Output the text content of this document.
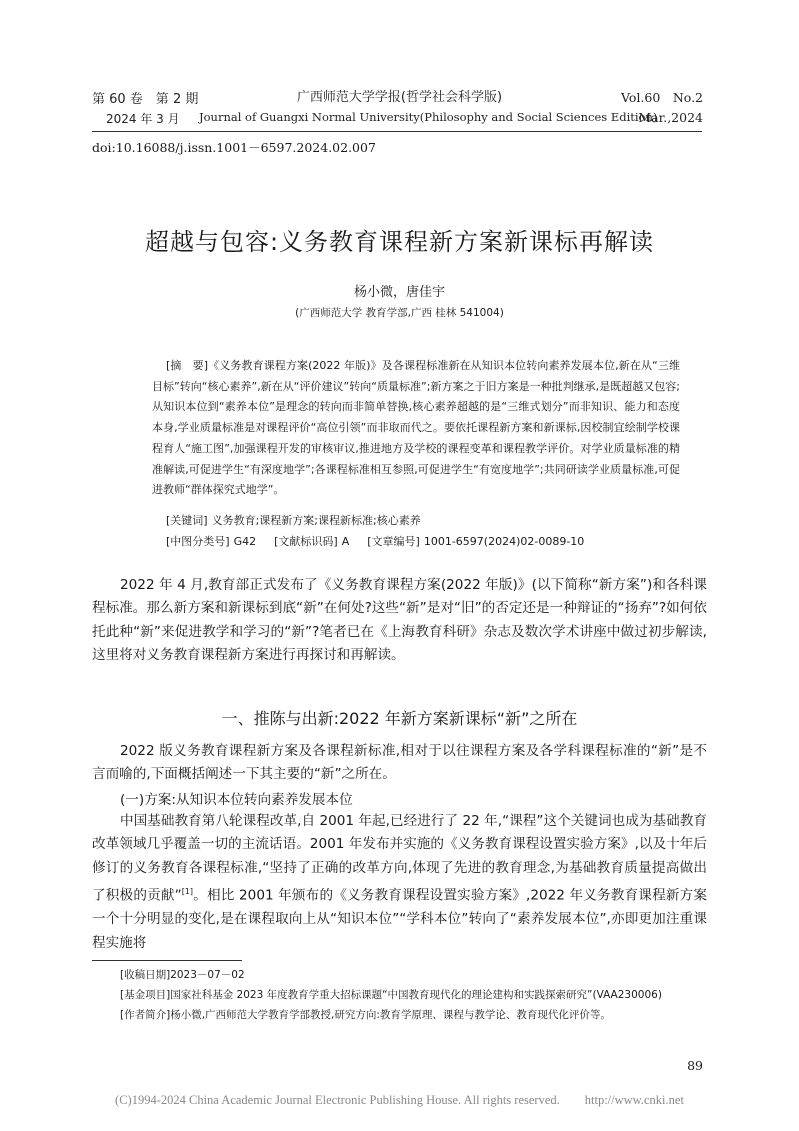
第 60 卷　第 2 期	广西师范大学学报(哲学社会科学版)	Vol.60　No.2
2024 年 3 月 Journal of Guangxi Normal University(Philosophy and Social Sciences Edition)
Mar.,2024
doi:10.16088/j.issn.1001－6597.2024.02.007
超越与包容:义务教育课程新方案新课标再解读
杨小微，唐佳宇
(广西师范大学 教育学部,广西 桂林 541004)

[摘　要]《义务教育课程方案(2022 年版)》及各课程标准新在从知识本位转向素养发展本位,新在从“三维目标”转向“核心素养”,新在从“评价建议”转向“质量标准”;新方案之于旧方案是一种批判继承,是既超越又包容;从知识本位到“素养本位”是理念的转向而非简单替换,核心素养超越的是“三维式划分”而非知识、能力和态度本身,学业质量标准是对课程评价“高位引领”而非取而代之。要依托课程新方案和新课标,因校制宜绘制学校课程育人“施工图”,加强课程开发的审核审议,推进地方及学校的课程变革和课程教学评价。对学业质量标准的精准解读,可促进学生“有深度地学”;各课程标准相互参照,可促进学生“有宽度地学”;共同研读学业质量标准,可促进教师“群体探究式地学”。

[关键词] 义务教育;课程新方案;课程新标准;核心素养
[中图分类号] G42 [文献标识码] A [文章编号] 1001-6597(2024)02-0089-10

2022 年 4 月,教育部正式发布了《义务教育课程方案(2022 年版)》(以下简称“新方案”)和各科课程标准。那么新方案和新课标到底“新”在何处?这些“新”是对“旧”的否定还是一种辩证的“扬弃”?如何依托此种“新”来促进教学和学习的“新”?笔者已在《上海教育科研》杂志及数次学术讲座中做过初步解读,这里将对义务教育课程新方案进行再探讨和再解读。

一、推陈与出新:2022 年新方案新课标“新”之所在

2022 版义务教育课程新方案及各课程新标准,相对于以往课程方案及各学科课程标准的“新”是不言而喻的,下面概括阐述一下其主要的“新”之所在。

(一)方案:从知识本位转向素养发展本位

中国基础教育第八轮课程改革,自 2001 年起,已经进行了 22 年,“课程”这个关键词也成为基础教育改革领域几乎覆盖一切的主流话语。2001 年发布并实施的《义务教育课程设置实验方案》,以及十年后修订的义务教育各课程标准,“坚持了正确的改革方向,体现了先进的教育理念,为基础教育质量提高做出了积极的贡献”[1]。相比 2001 年颁布的《义务教育课程设置实验方案》,2022 年义务教育课程新方案一个十分明显的变化,是在课程取向上从“知识本位”“学科本位”转向了“素养发展本位”,亦即更加注重课程实施将

[收稿日期]2023－07－02

[基金项目]国家社科基金 2023 年度教育学重大招标课题“中国教育现代化的理论建构和实践探索研究”(VAA230006)

[作者简介]杨小微,广西师范大学教育学部教授,研究方向:教育学原理、课程与教学论、教育现代化评价等。

89
(C)1994-2024 China Academic Journal Electronic Publishing House. All rights reserved.　　http://www.cnki.net
